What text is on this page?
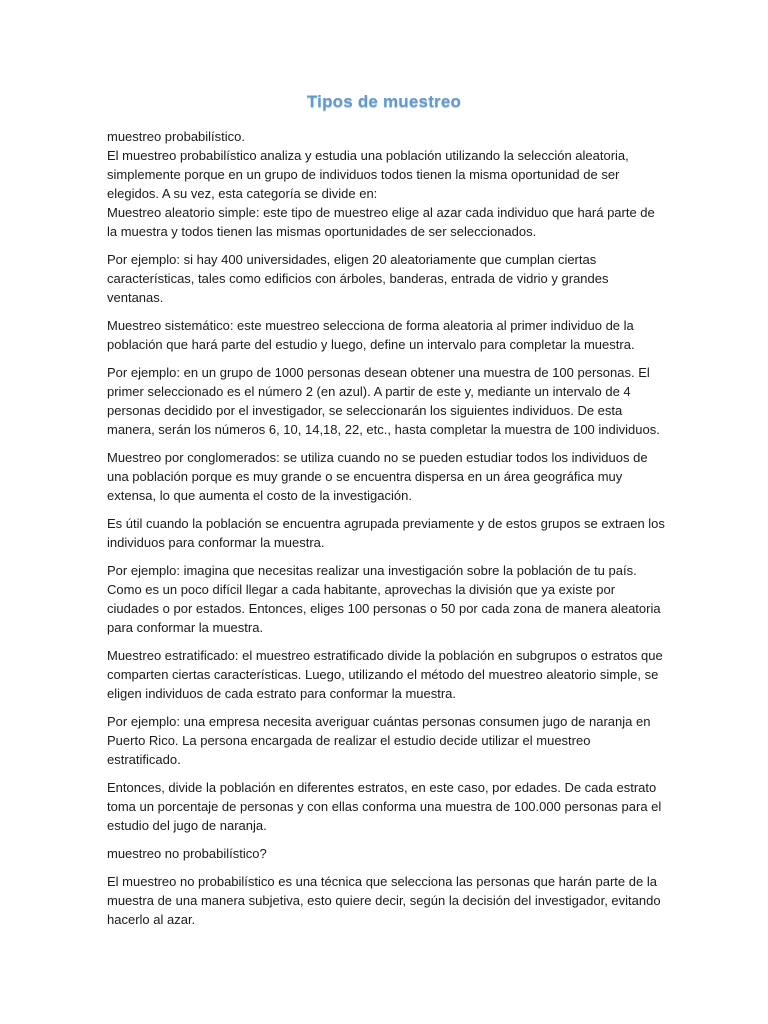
Tipos de muestreo

muestreo probabilístico.
El muestreo probabilístico analiza y estudia una población utilizando la selección aleatoria, simplemente porque en un grupo de individuos todos tienen la misma oportunidad de ser elegidos. A su vez, esta categoría se divide en:
Muestreo aleatorio simple: este tipo de muestreo elige al azar cada individuo que hará parte de la muestra y todos tienen las mismas oportunidades de ser seleccionados.

Por ejemplo: si hay 400 universidades, eligen 20 aleatoriamente que cumplan ciertas características, tales como edificios con árboles, banderas, entrada de vidrio y grandes ventanas.

Muestreo sistemático: este muestreo selecciona de forma aleatoria al primer individuo de la población que hará parte del estudio y luego, define un intervalo para completar la muestra.

Por ejemplo: en un grupo de 1000 personas desean obtener una muestra de 100 personas. El primer seleccionado es el número 2 (en azul). A partir de este y, mediante un intervalo de 4 personas decidido por el investigador, se seleccionarán los siguientes individuos. De esta manera, serán los números 6, 10, 14,18, 22, etc., hasta completar la muestra de 100 individuos.

Muestreo por conglomerados: se utiliza cuando no se pueden estudiar todos los individuos de una población porque es muy grande o se encuentra dispersa en un área geográfica muy extensa, lo que aumenta el costo de la investigación.

Es útil cuando la población se encuentra agrupada previamente y de estos grupos se extraen los individuos para conformar la muestra.

Por ejemplo: imagina que necesitas realizar una investigación sobre la población de tu país. Como es un poco difícil llegar a cada habitante, aprovechas la división que ya existe por ciudades o por estados. Entonces, eliges 100 personas o 50 por cada zona de manera aleatoria para conformar la muestra.

Muestreo estratificado: el muestreo estratificado divide la población en subgrupos o estratos que comparten ciertas características. Luego, utilizando el método del muestreo aleatorio simple, se eligen individuos de cada estrato para conformar la muestra.

Por ejemplo: una empresa necesita averiguar cuántas personas consumen jugo de naranja en Puerto Rico. La persona encargada de realizar el estudio decide utilizar el muestreo estratificado.

Entonces, divide la población en diferentes estratos, en este caso, por edades. De cada estrato toma un porcentaje de personas y con ellas conforma una muestra de 100.000 personas para el estudio del jugo de naranja.

muestreo no probabilístico?

El muestreo no probabilístico es una técnica que selecciona las personas que harán parte de la muestra de una manera subjetiva, esto quiere decir, según la decisión del investigador, evitando hacerlo al azar.
